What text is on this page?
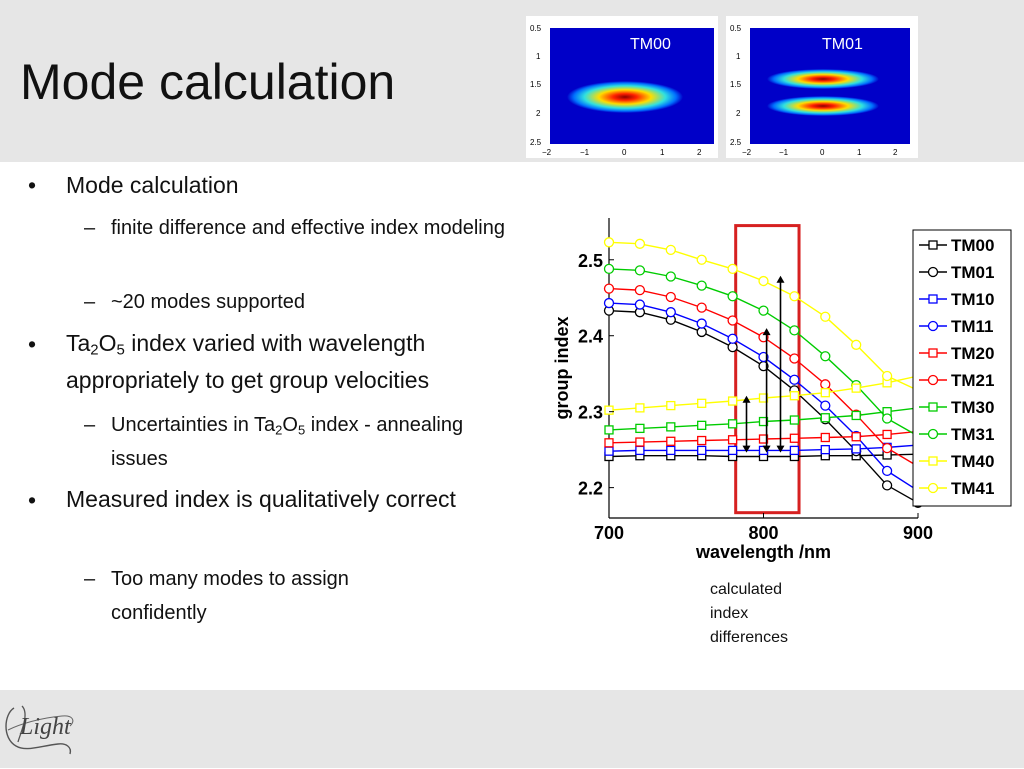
Mode calculation
0.5
1
1.5
2
2.5
−2	−1	0	1	2
TM00
0.5
1
1.5
2
2.5
−2	−1	0	1	2
TM01
• Mode calculation
– finite difference and effective index modeling
– ~20 modes supported
• $Ta_2O_5$ index varied with wavelength appropriately to get group velocities
– Uncertainties in $Ta_2O_5$ index - annealing issues
• Measured index is qualitatively correct
– Too many modes to assign confidently
2.2
2.3
2.4
2.5
700	800	900
wavelength /nm
group index
TM00
TM01
TM10
TM11
TM20
TM21
TM30
TM31
TM40
TM41
calculated
index
differences
Light
